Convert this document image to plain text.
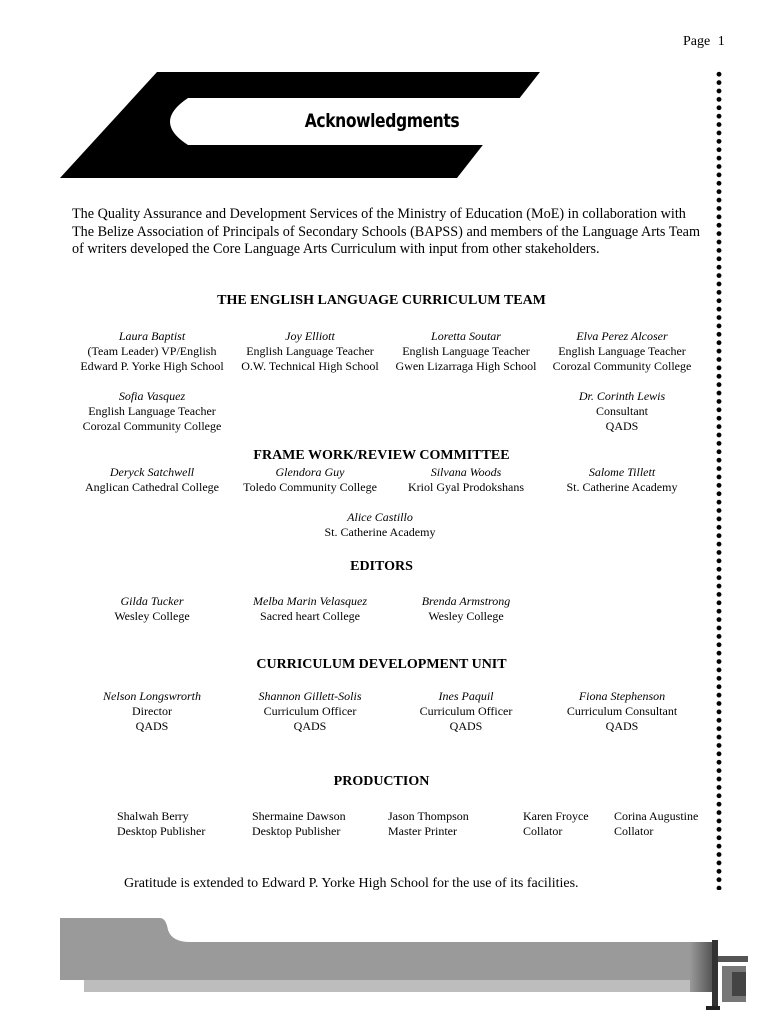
Page 1
Acknowledgments
The Quality Assurance and Development Services of the Ministry of Education (MoE) in collaboration with The Belize Association of Principals of Secondary Schools (BAPSS) and members of the Language Arts Team of writers developed the Core Language Arts Curriculum with input from other stakeholders.
THE ENGLISH LANGUAGE CURRICULUM TEAM
Laura Baptist
(Team Leader) VP/English
Edward P. Yorke High School
Joy Elliott
English Language Teacher
O.W. Technical High School
Loretta Soutar
English Language Teacher
Gwen Lizarraga High School
Elva Perez Alcoser
English Language Teacher
Corozal Community College
Sofia Vasquez
English Language Teacher
Corozal Community College
Dr. Corinth Lewis
Consultant
QADS
FRAME WORK/REVIEW COMMITTEE
Deryck Satchwell
Anglican Cathedral College
Glendora Guy
Toledo Community College
Silvana Woods
Kriol Gyal Prodokshans
Salome Tillett
St. Catherine Academy
Alice Castillo
St. Catherine Academy
EDITORS
Gilda Tucker
Wesley College
Melba Marin Velasquez
Sacred heart College
Brenda Armstrong
Wesley College
CURRICULUM DEVELOPMENT UNIT
Nelson Longswrorth
Director
QADS
Shannon Gillett-Solis
Curriculum Officer
QADS
Ines Paquil
Curriculum Officer
QADS
Fiona Stephenson
Curriculum Consultant
QADS
PRODUCTION
Shalwah Berry
Desktop Publisher
Shermaine Dawson
Desktop Publisher
Jason Thompson
Master Printer
Karen Froyce
Collator
Corina Augustine
Collator
Gratitude is extended to Edward P. Yorke High School for the use of its facilities.
